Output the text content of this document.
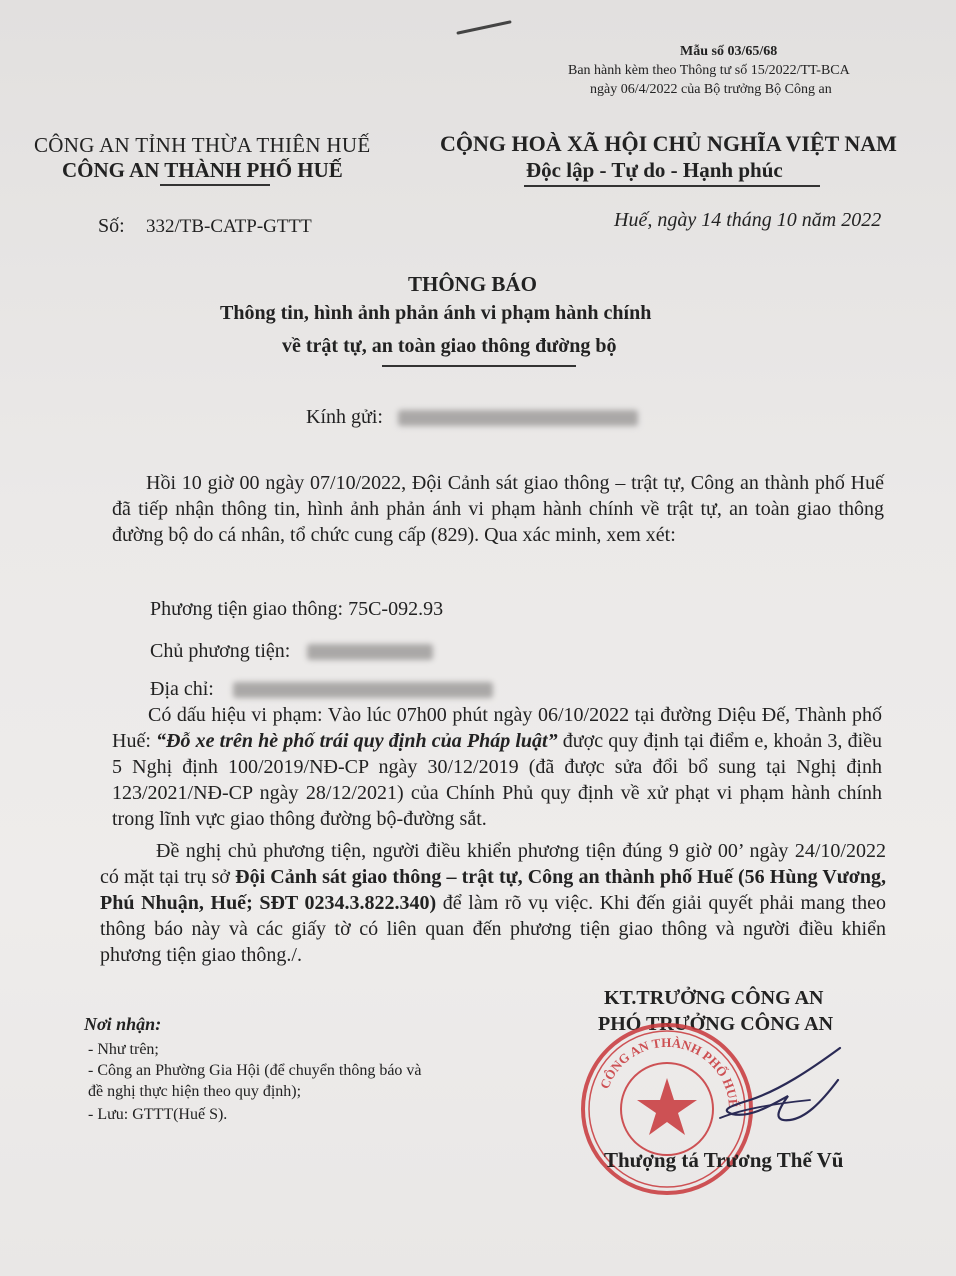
Mẫu số 03/65/68
Ban hành kèm theo Thông tư số 15/2022/TT-BCA
ngày 06/4/2022 của Bộ trưởng Bộ Công an
CÔNG AN TỈNH THỪA THIÊN HUẾ
CÔNG AN THÀNH PHỐ HUẾ
CỘNG HOÀ XÃ HỘI CHỦ NGHĨA VIỆT NAM
Độc lập - Tự do - Hạnh phúc
Số: 332/TB-CATP-GTTT	Huế, ngày 14 tháng 10 năm 2022
THÔNG BÁO
Thông tin, hình ảnh phản ánh vi phạm hành chính
về trật tự, an toàn giao thông đường bộ
Kính gửi:
Hồi 10 giờ 00 ngày 07/10/2022, Đội Cảnh sát giao thông – trật tự, Công an thành phố Huế đã tiếp nhận thông tin, hình ảnh phản ánh vi phạm hành chính về trật tự, an toàn giao thông đường bộ do cá nhân, tổ chức cung cấp (829). Qua xác minh, xem xét:
Phương tiện giao thông: 75C-092.93
Chủ phương tiện:
Địa chỉ:
Có dấu hiệu vi phạm: Vào lúc 07h00 phút ngày 06/10/2022 tại đường Diệu Đế, Thành phố Huế: “Đỗ xe trên hè phố trái quy định của Pháp luật” được quy định tại điểm e, khoản 3, điều 5 Nghị định 100/2019/NĐ-CP ngày 30/12/2019 (đã được sửa đổi bổ sung tại Nghị định 123/2021/NĐ-CP ngày 28/12/2021) của Chính Phủ quy định về xử phạt vi phạm hành chính trong lĩnh vực giao thông đường bộ-đường sắt.
Đề nghị chủ phương tiện, người điều khiển phương tiện đúng 9 giờ 00’ ngày 24/10/2022 có mặt tại trụ sở Đội Cảnh sát giao thông – trật tự, Công an thành phố Huế (56 Hùng Vương, Phú Nhuận, Huế; SĐT 0234.3.822.340) để làm rõ vụ việc. Khi đến giải quyết phải mang theo thông báo này và các giấy tờ có liên quan đến phương tiện giao thông và người điều khiển phương tiện giao thông./.
KT.TRƯỞNG CÔNG AN
PHÓ TRƯỞNG CÔNG AN
CÔNG AN THÀNH PHỐ HUẾ
Thượng tá Trương Thế Vũ
Nơi nhận:
- Như trên;
- Công an Phường Gia Hội (để chuyển thông báo và
đề nghị thực hiện theo quy định);
- Lưu: GTTT(Huế S).
